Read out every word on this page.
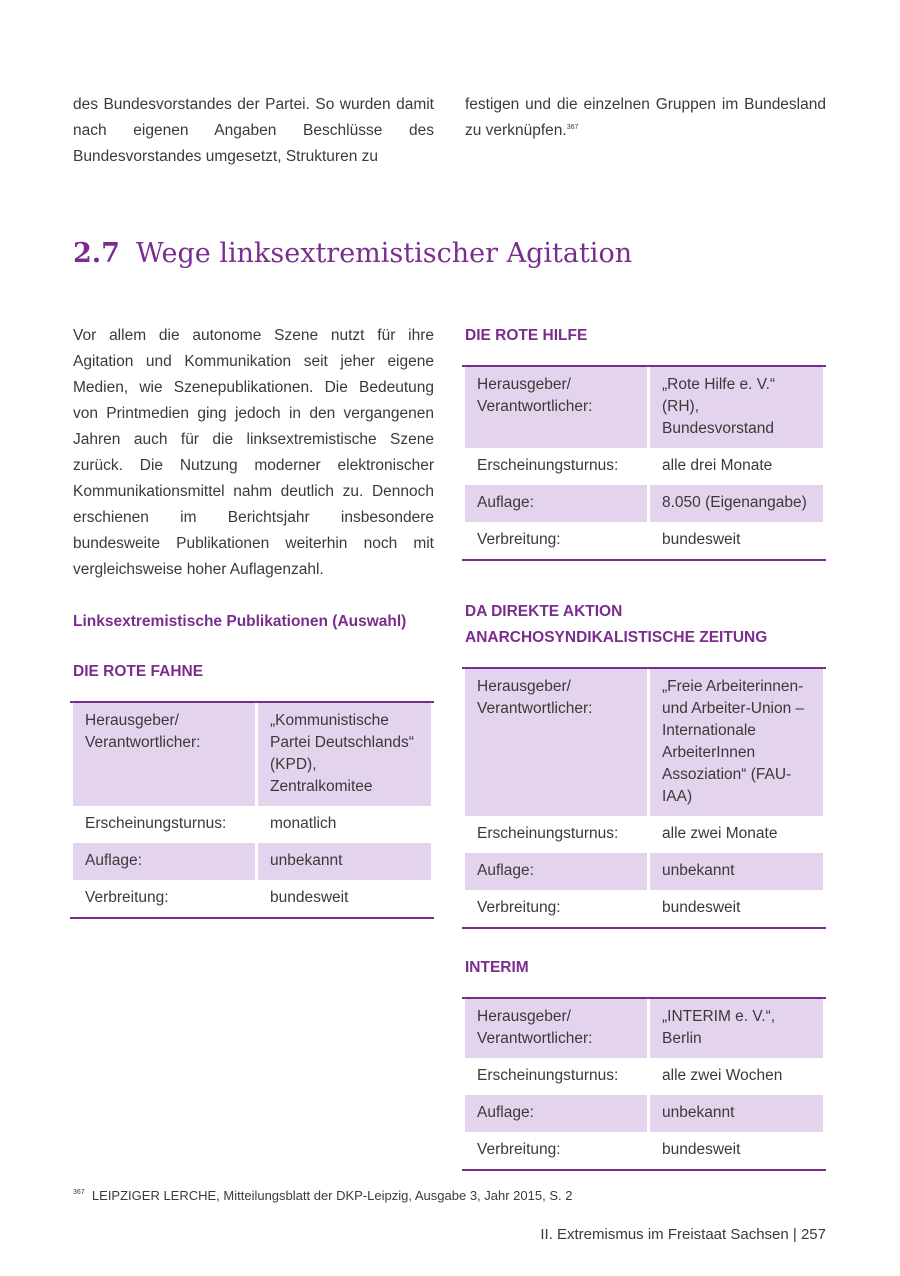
des Bundesvorstandes der Partei. So wurden damit nach eigenen Angaben Beschlüsse des Bundesvorstandes umgesetzt, Strukturen zu

festigen und die einzelnen Gruppen im Bundesland zu verknüpfen.$^{367}$

2.7 Wege linksextremistischer Agitation

Vor allem die autonome Szene nutzt für ihre Agitation und Kommunikation seit jeher eigene Medien, wie Szenepublikationen. Die Bedeutung von Printmedien ging jedoch in den vergangenen Jahren auch für die linksextremistische Szene zurück. Die Nutzung moderner elektronischer Kommunikationsmittel nahm deutlich zu. Dennoch erschienen im Berichtsjahr insbesondere bundesweite Publikationen weiterhin noch mit vergleichsweise hoher Auflagenzahl.

Linksextremistische Publikationen (Auswahl)

DIE ROTE FAHNE

Herausgeber/ Verantwortlicher:	„Kommunistische Partei Deutschlands“ (KPD), Zentralkomitee
Erscheinungsturnus:	monatlich
Auflage:	unbekannt
Verbreitung:	bundesweit

DIE ROTE HILFE

Herausgeber/ Verantwortlicher:	„Rote Hilfe e. V.“ (RH), Bundesvorstand
Erscheinungsturnus:	alle drei Monate
Auflage:	8.050 (Eigenangabe)
Verbreitung:	bundesweit

DA DIREKTE AKTION ANARCHOSYNDIKALISTISCHE ZEITUNG

Herausgeber/ Verantwortlicher:	„Freie Arbeiterinnen- und Arbeiter-Union – Internationale ArbeiterInnen Assoziation“ (FAU-IAA)
Erscheinungsturnus:	alle zwei Monate
Auflage:	unbekannt
Verbreitung:	bundesweit

INTERIM

Herausgeber/ Verantwortlicher:	„INTERIM e. V.“, Berlin
Erscheinungsturnus:	alle zwei Wochen
Auflage:	unbekannt
Verbreitung:	bundesweit
$^{367}$ LEIPZIGER LERCHE, Mitteilungsblatt der DKP-Leipzig, Ausgabe 3, Jahr 2015, S. 2
II. Extremismus im Freistaat Sachsen | 257
